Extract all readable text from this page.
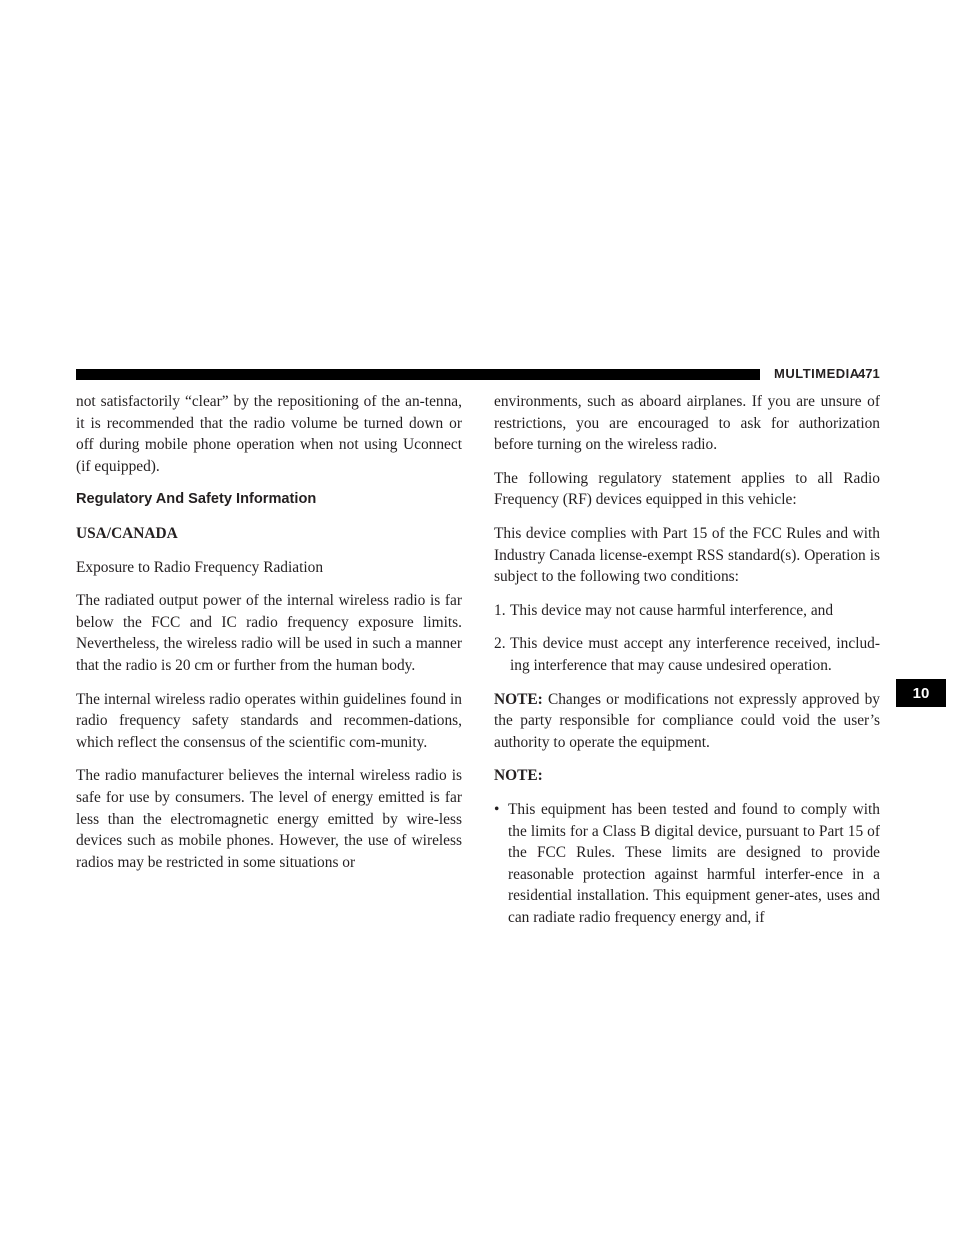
MULTIMEDIA
471
10

not satisfactorily “clear” by the repositioning of the an-tenna, it is recommended that the radio volume be turned down or off during mobile phone operation when not using Uconnect (if equipped).

Regulatory And Safety Information

USA/CANADA

Exposure to Radio Frequency Radiation

The radiated output power of the internal wireless radio is far below the FCC and IC radio frequency exposure limits. Nevertheless, the wireless radio will be used in such a manner that the radio is 20 cm or further from the human body.

The internal wireless radio operates within guidelines found in radio frequency safety standards and recommen-dations, which reflect the consensus of the scientific com-munity.

The radio manufacturer believes the internal wireless radio is safe for use by consumers. The level of energy emitted is far less than the electromagnetic energy emitted by wire-less devices such as mobile phones. However, the use of wireless radios may be restricted in some situations or

environments, such as aboard airplanes. If you are unsure of restrictions, you are encouraged to ask for authorization before turning on the wireless radio.

The following regulatory statement applies to all Radio Frequency (RF) devices equipped in this vehicle:

This device complies with Part 15 of the FCC Rules and with Industry Canada license-exempt RSS standard(s). Operation is subject to the following two conditions:

1. This device may not cause harmful interference, and
2. This device must accept any interference received, includ-ing interference that may cause undesired operation.

NOTE: Changes or modifications not expressly approved by the party responsible for compliance could void the user’s authority to operate the equipment.

NOTE:

• This equipment has been tested and found to comply with the limits for a Class B digital device, pursuant to Part 15 of the FCC Rules. These limits are designed to provide reasonable protection against harmful interfer-ence in a residential installation. This equipment gener-ates, uses and can radiate radio frequency energy and, if
